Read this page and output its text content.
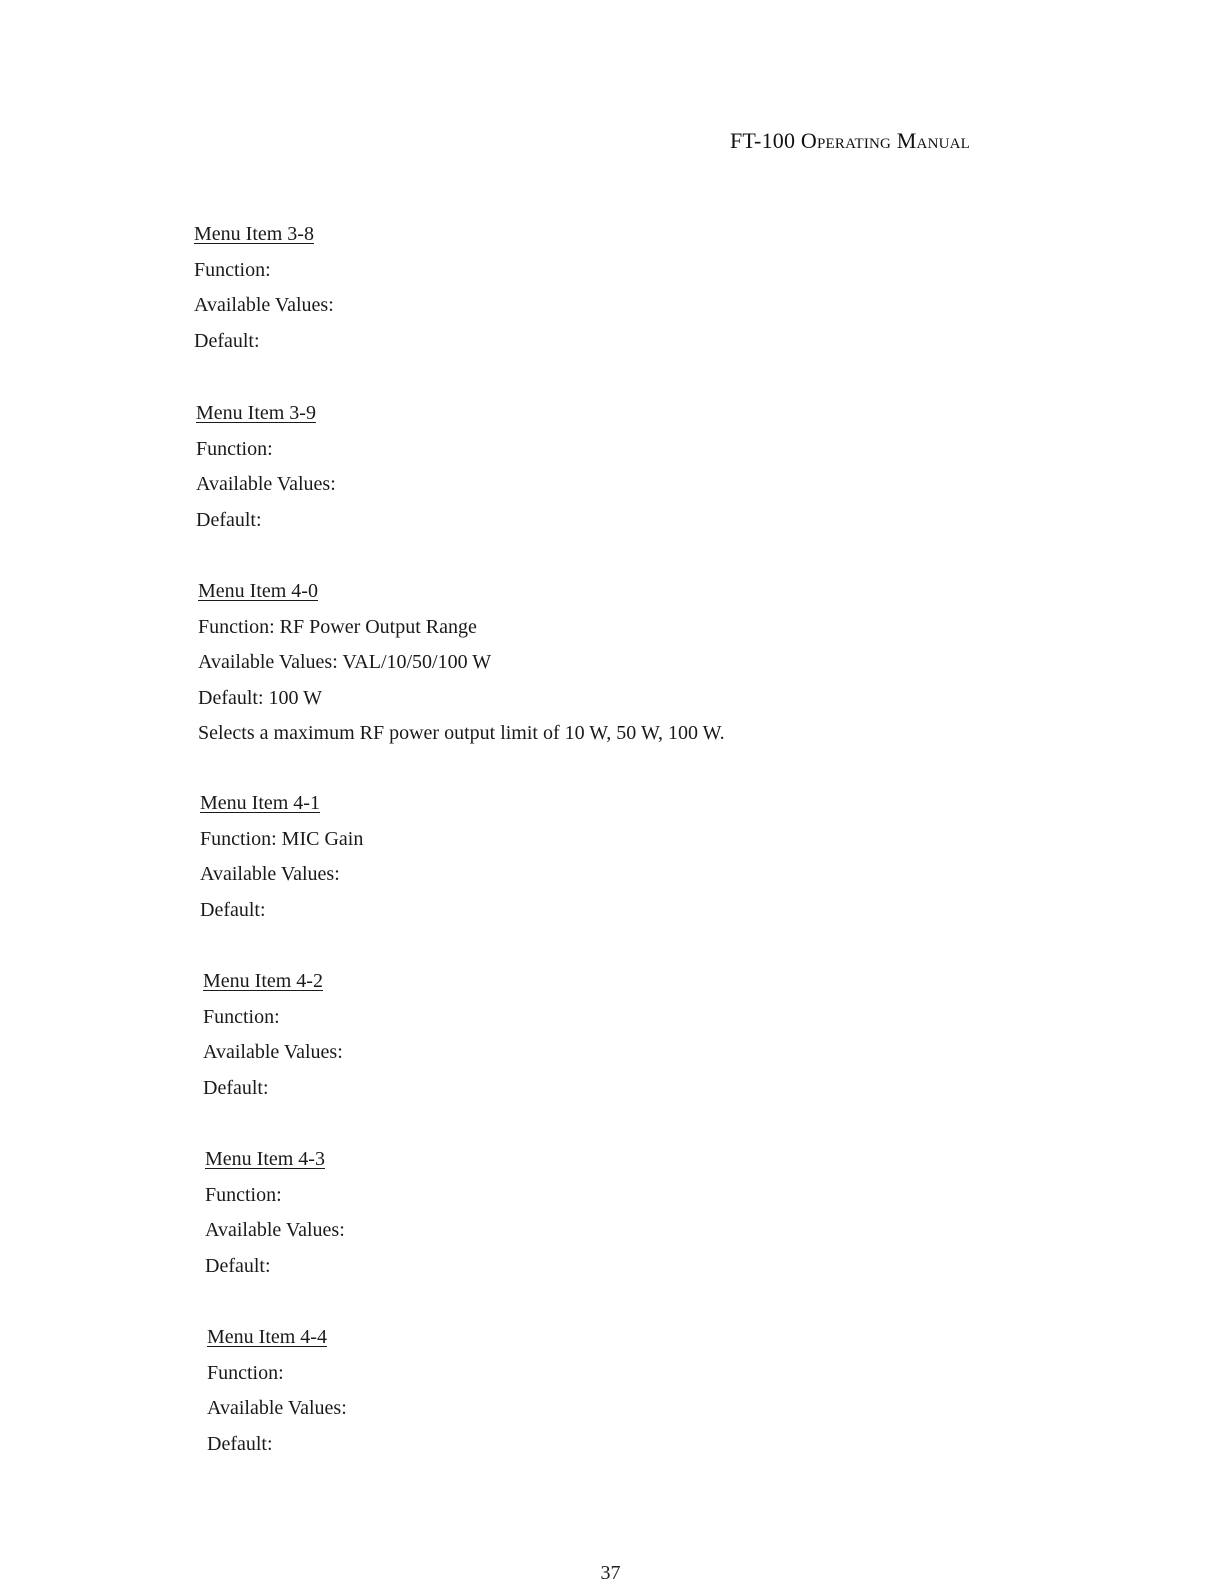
FT-100 Operating Manual
Menu Item 3-8
Function:
Available Values:
Default:
Menu Item 3-9
Function:
Available Values:
Default:
Menu Item 4-0
Function: RF Power Output Range
Available Values: VAL/10/50/100 W
Default: 100 W
Selects a maximum RF power output limit of 10 W, 50 W, 100 W.
Menu Item 4-1
Function: MIC Gain
Available Values:
Default:
Menu Item 4-2
Function:
Available Values:
Default:
Menu Item 4-3
Function:
Available Values:
Default:
Menu Item 4-4
Function:
Available Values:
Default:
37
